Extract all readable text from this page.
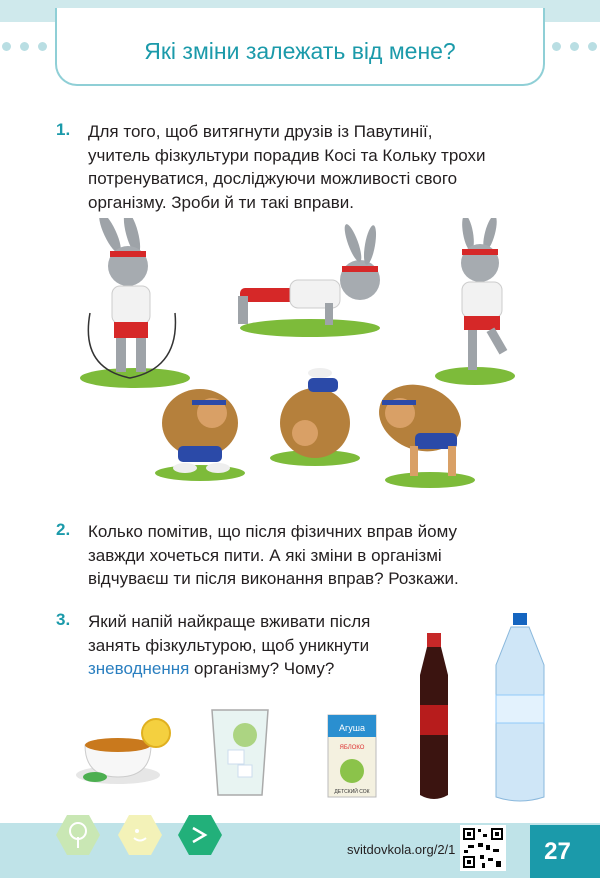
Які зміни залежать від мене?
1. Для того, щоб витягнути друзів із Павутинії,
учитель фізкультури порадив Косі та Кольку трохи
потренуватися, досліджуючи можливості свого
організму. Зроби й ти такі вправи.
2. Колько помітив, що після фізичних вправ йому
завжди хочеться пити. А які зміни в організмі
відчуваєш ти після виконання вправ? Розкажи.
3. Який напій найкраще вживати після
занять фізкультурою, щоб уникнути
зневоднення організму? Чому?
Агуша
ЯБЛОКО
ДЕТСКИЙ СОК
svitdovkola.org/2/1	27
